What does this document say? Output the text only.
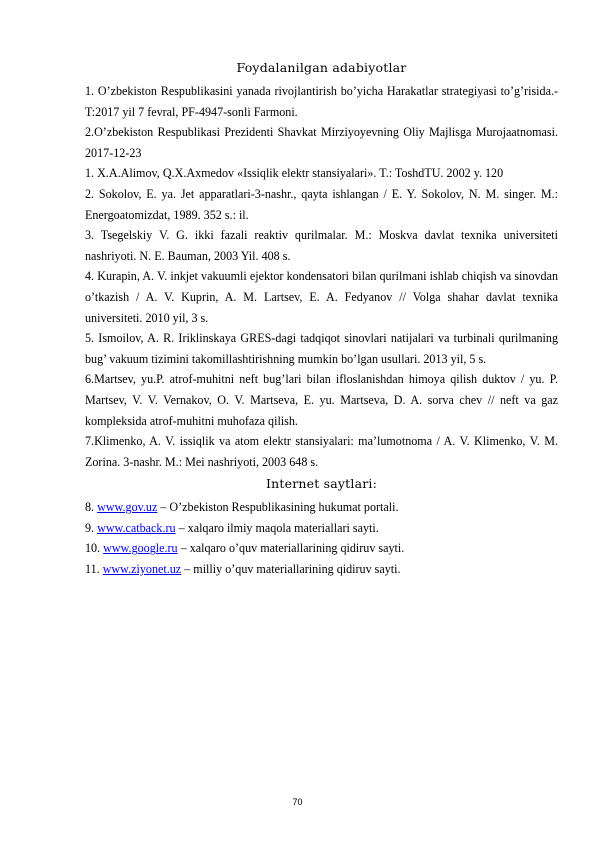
Foydalanilgan adabiyotlar

1. O’zbekiston Respublikasini yanada rivojlantirish bo’yicha Harakatlar strategiyasi to’g’risida.-T:2017 yil 7 fevral, PF-4947-sonli Farmoni.

2.O’zbekiston Respublikasi Prezidenti Shavkat Mirziyoyevning Oliy Majlisga Murojaatnomasi. 2017-12-23

1. X.A.Alimov, Q.X.Axmedov «Issiqlik elektr stansiyalari». T.: ToshdTU. 2002 y. 120

2. Sokolov, E. ya. Jet apparatlari-3-nashr., qayta ishlangan / E. Y. Sokolov, N. M. singer. M.: Energoatomizdat, 1989. 352 s.: il.

3. Tsegelskiy V. G. ikki fazali reaktiv qurilmalar. M.: Moskva davlat texnika universiteti nashriyoti. N. E. Bauman, 2003 Yil. 408 s.

4. Kurapin, A. V. inkjet vakuumli ejektor kondensatori bilan qurilmani ishlab chiqish va sinovdan o’tkazish / A. V. Kuprin, A. M. Lartsev, E. A. Fedyanov // Volga shahar davlat texnika universiteti. 2010 yil, 3 s.

5. Ismoilov, A. R. Iriklinskaya GRES-dagi tadqiqot sinovlari natijalari va turbinali qurilmaning bug’ vakuum tizimini takomillashtirishning mumkin bo’lgan usullari. 2013 yil, 5 s.

6.Martsev, yu.P. atrof-muhitni neft bug’lari bilan ifloslanishdan himoya qilish duktov / yu. P. Martsev, V. V. Vernakov, O. V. Martseva, E. yu. Martseva, D. A. sorva chev // neft va gaz kompleksida atrof-muhitni muhofaza qilish.

7.Klimenko, A. V. issiqlik va atom elektr stansiyalari: ma’lumotnoma / A. V. Klimenko, V. M. Zorina. 3-nashr. M.: Mei nashriyoti, 2003 648 s.

Internet saytlari:

8. www.gov.uz – O’zbekiston Respublikasining hukumat portali.

9. www.catback.ru – xalqaro ilmiy maqola materiallari sayti.

10. www.google.ru – xalqaro o’quv materiallarining qidiruv sayti.

11. www.ziyonet.uz – milliy o’quv materiallarining qidiruv sayti.

70
